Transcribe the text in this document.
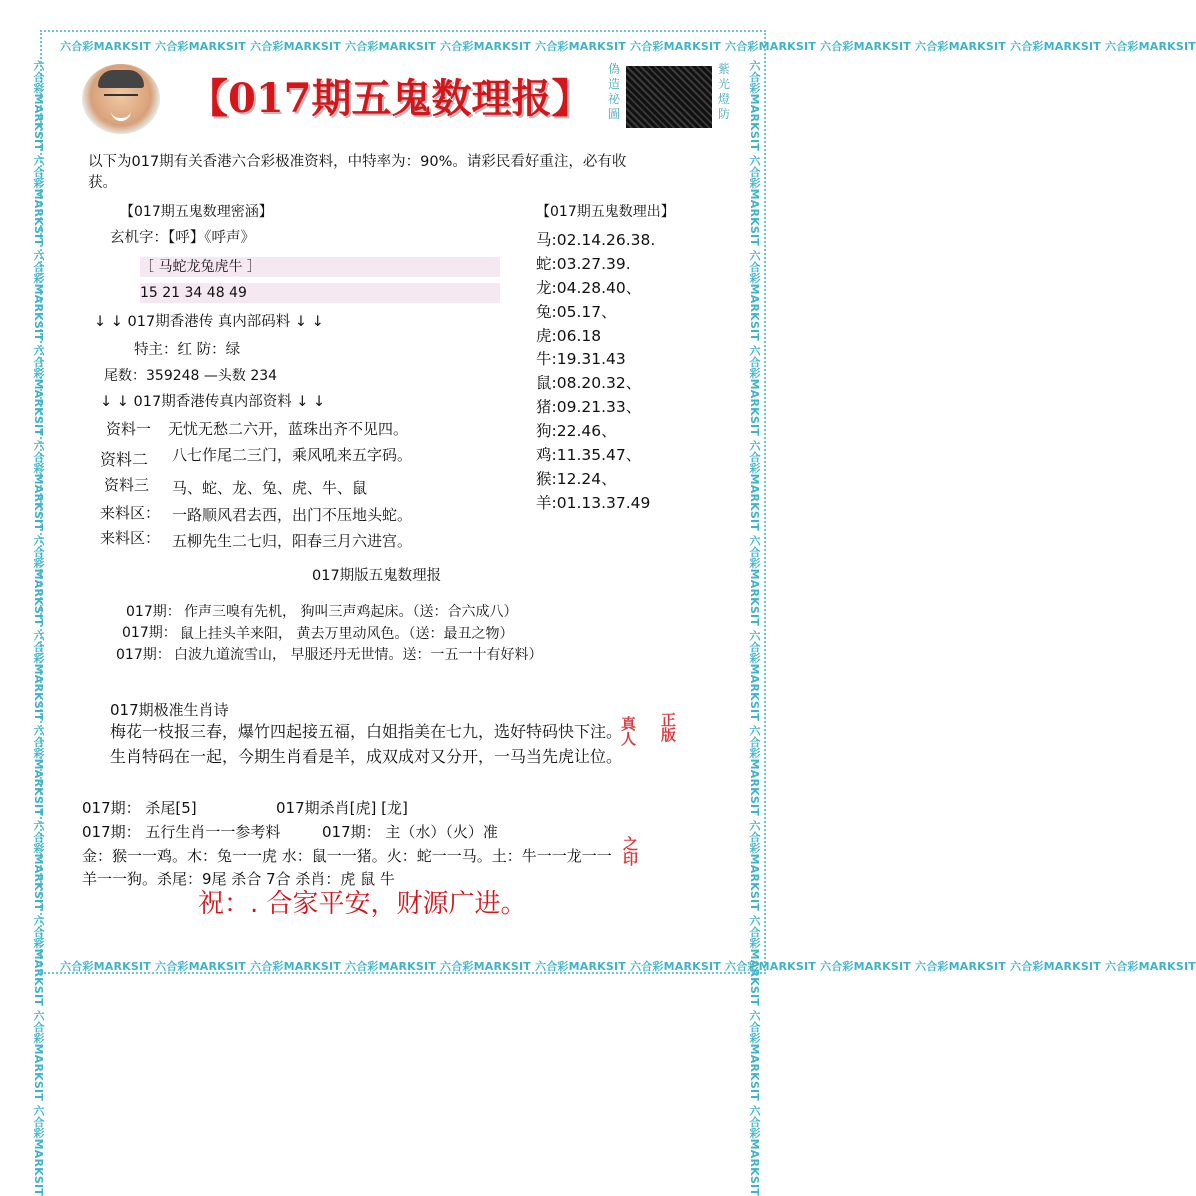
六合彩MARKSIT 六合彩MARKSIT 六合彩MARKSIT 六合彩MARKSIT 六合彩MARKSIT 六合彩MARKSIT 六合彩MARKSIT 六合彩MARKSIT 六合彩MARKSIT 六合彩MARKSIT 六合彩MARKSIT 六合彩MARKSIT
六合彩MARKSIT 六合彩MARKSIT 六合彩MARKSIT 六合彩MARKSIT 六合彩MARKSIT 六合彩MARKSIT 六合彩MARKSIT 六合彩MARKSIT 六合彩MARKSIT 六合彩MARKSIT 六合彩MARKSIT 六合彩MARKSIT
六合彩MARKSIT 六合彩MARKSIT 六合彩MARKSIT 六合彩MARKSIT 六合彩MARKSIT 六合彩MARKSIT 六合彩MARKSIT 六合彩MARKSIT 六合彩MARKSIT 六合彩MARKSIT 六合彩MARKSIT 六合彩MARKSIT	六合彩MARKSIT 六合彩MARKSIT 六合彩MARKSIT 六合彩MARKSIT 六合彩MARKSIT 六合彩MARKSIT 六合彩MARKSIT 六合彩MARKSIT 六合彩MARKSIT 六合彩MARKSIT 六合彩MARKSIT 六合彩MARKSIT
【017期五鬼数理报】
偽造祕圖
紫光燈防
以下为017期有关香港六合彩极准资料，中特率为：90%。请彩民看好重注，必有收
获。
【017期五鬼数理密涵】
玄机字：【呼】《呼声》
［ 马蛇龙兔虎牛 ］
15 21 34 48 49
↓ ↓ 017期香港传 真内部码料 ↓ ↓
特主：红 防：绿
尾数：359248 —头数 234
↓ ↓ 017期香港传真内部资料 ↓ ↓
资料一 无忧无愁二六开，蓝珠出齐不见四。
资料二 八七作尾二三门，乘风吼来五字码。
资料三 马、蛇、龙、兔、虎、牛、鼠
来料区： 一路顺风君去西，出门不压地头蛇。
来料区： 五柳先生二七归，阳春三月六进宫。
【017期五鬼数理出】
马:02.14.26.38.
蛇:03.27.39.
龙:04.28.40、
兔:05.17、
虎:06.18
牛:19.31.43
鼠:08.20.32、
猪:09.21.33、
狗:22.46、
鸡:11.35.47、
猴:12.24、
羊:01.13.37.49
017期版五鬼数理报
017期： 作声三嗅有先机， 狗叫三声鸡起床。（送：合六成八）
017期： 鼠上挂头羊来阳， 黄去万里动风色。（送：最丑之物）
017期： 白波九道流雪山， 早服还丹无世情。送：一五一十有好料）
017期极准生肖诗
梅花一枝报三春，爆竹四起接五福，白姐指美在七九，选好特码快下注。
生肖特码在一起，今期生肖看是羊，成双成对又分开，一马当先虎让位。
017期： 杀尾[5]	017期杀肖[虎] [龙]
017期： 五行生肖一一参考料	017期： 主（水）（火）准
金：猴一一鸡。木：兔一一虎 水：鼠一一猪。火：蛇一一马。土：牛一一龙一一
羊一一狗。杀尾：9尾 杀合 7合 杀肖：虎 鼠 牛
祝：. 合家平安，财源广进。
真人 正版
之印
